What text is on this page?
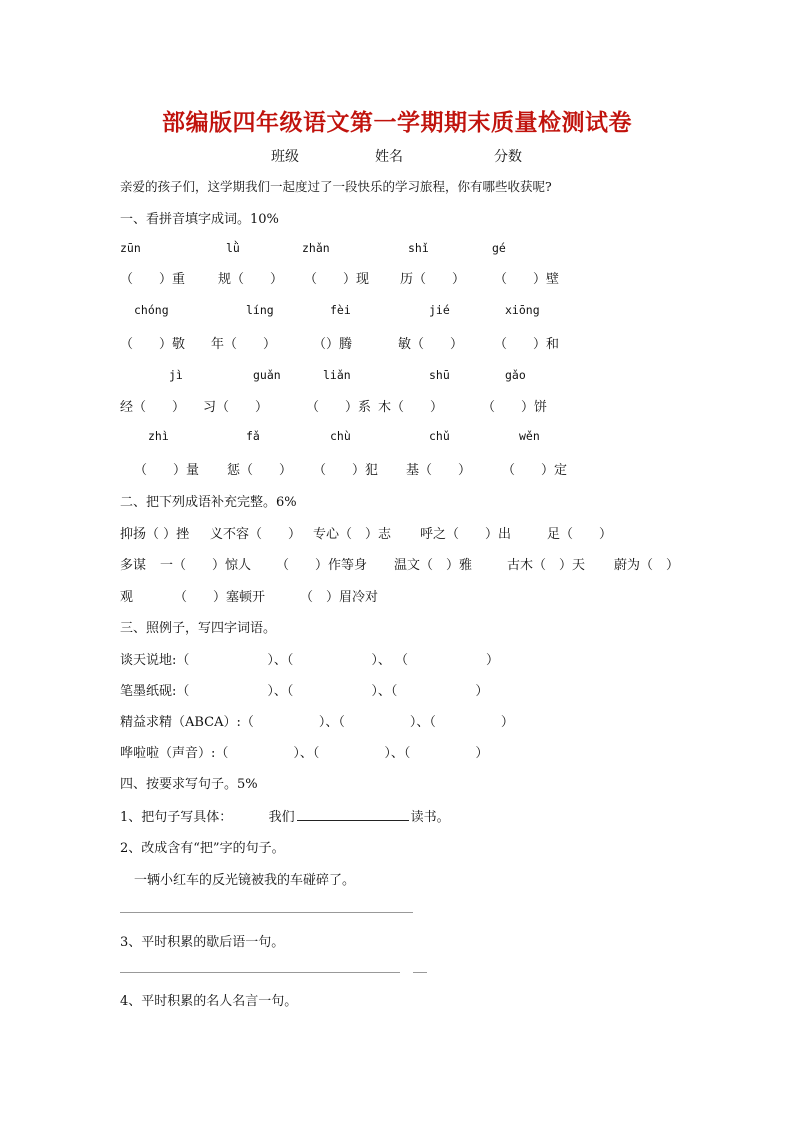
部编版四年级语文第一学期期末质量检测试卷
班级	姓名	分数
亲爱的孩子们，这学期我们一起度过了一段快乐的学习旅程，你有哪些收获呢?
一、看拼音填字成词。10%
zūn	lǜ	zhǎn	shǐ	gé
（　　）重	规（　　） （　　）现 历（　　） （　　）壁
chóng	líng	fèi	jié	xiōng
（　　）敬 年（　　）	（）腾	敏（　　） （　　）和
jì	guǎn	liǎn	shū	gǎo
经（　　） 习（　　）	（　　）系 木（　　）	（　　）饼
zhì	fǎ	chù	chǔ	wěn
（　　）量 惩（　　） （　　）犯 基（　　） （　　）定
二、把下列成语补充完整。6%
抑扬（ ）挫 义不容（　　） 专心（　）志 呼之（　　）出	足（　　）
多谋 一（　　）惊人 （　　）作等身 温文（　）雅	古木（　）天 蔚为（　）
观	（　　）塞顿开	（　）眉冷对
三、照例子，写四字词语。
谈天说地:（　　　　　　）、（　　　　　　）、 （　　　　　　）
笔墨纸砚:（　　　　　　）、（　　　　　　）、（　　　　　　）
精益求精（ABCA）:（　　　　　）、（　　　　　）、（　　　　　）
哗啦啦（声音）:（　　　　　）、（　　　　　）、（　　　　　）
四、按要求写句子。5%
1、把句子写具体：	我们	读书。
2、改成含有“把”字的句子。
一辆小红车的反光镜被我的车碰碎了。
3、平时积累的歇后语一句。
4、平时积累的名人名言一句。
